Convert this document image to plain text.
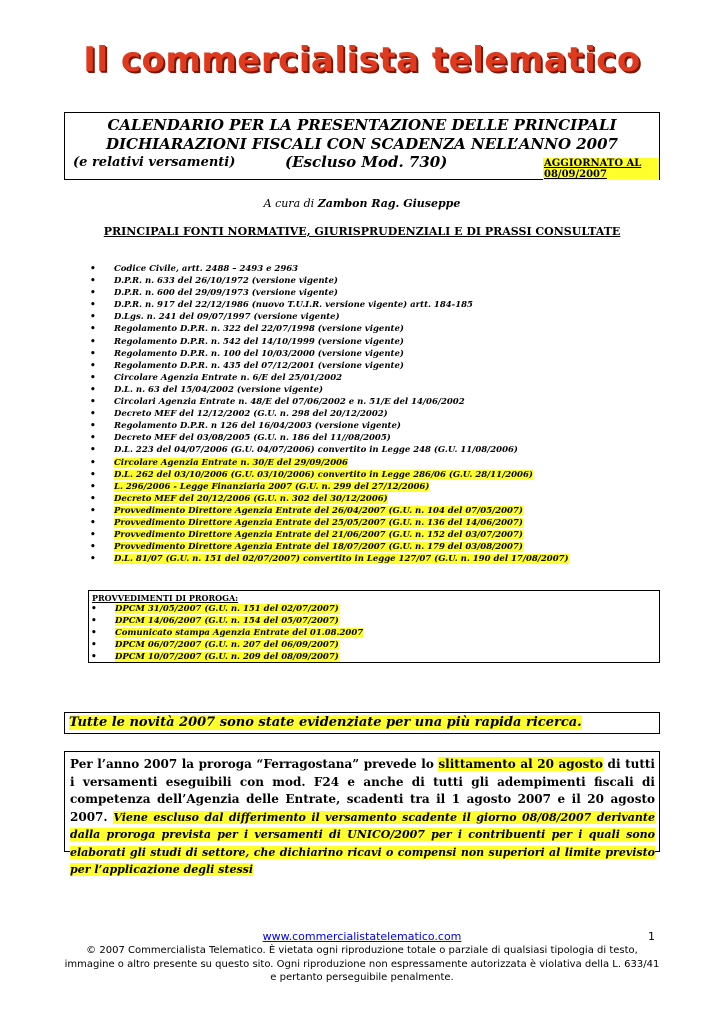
Il commercialista telematico
CALENDARIO PER LA PRESENTAZIONE DELLE PRINCIPALI
DICHIARAZIONI FISCALI CON SCADENZA NELL’ANNO 2007
(e relativi versamenti)	(Escluso Mod. 730)	AGGIORNATO AL 08/09/2007
A cura di Zambon Rag. Giuseppe
PRINCIPALI FONTI NORMATIVE, GIURISPRUDENZIALI E DI PRASSI CONSULTATE
• Codice Civile, artt. 2488 – 2493 e 2963
• D.P.R. n. 633 del 26/10/1972 (versione vigente)
• D.P.R. n. 600 del 29/09/1973 (versione vigente)
• D.P.R. n. 917 del 22/12/1986 (nuovo T.U.I.R. versione vigente) artt. 184-185
• D.Lgs. n. 241 del 09/07/1997 (versione vigente)
• Regolamento D.P.R. n. 322 del 22/07/1998 (versione vigente)
• Regolamento D.P.R. n. 542 del 14/10/1999 (versione vigente)
• Regolamento D.P.R. n. 100 del 10/03/2000 (versione vigente)
• Regolamento D.P.R. n. 435 del 07/12/2001 (versione vigente)
• Circolare Agenzia Entrate n. 6/E del 25/01/2002
• D.L. n. 63 del 15/04/2002 (versione vigente)
• Circolari Agenzia Entrate n. 48/E del 07/06/2002 e n. 51/E del 14/06/2002
• Decreto MEF del 12/12/2002 (G.U. n. 298 del 20/12/2002)
• Regolamento D.P.R. n 126 del 16/04/2003 (versione vigente)
• Decreto MEF del 03/08/2005 (G.U. n. 186 del 11//08/2005)
• D.L. 223 del 04/07/2006 (G.U. 04/07/2006) convertito in Legge 248 (G.U. 11/08/2006)
• Circolare Agenzia Entrate n. 30/E del 29/09/2006
• D.L. 262 del 03/10/2006 (G.U. 03/10/2006) convertito in Legge 286/06 (G.U. 28/11/2006)
• L. 296/2006 - Legge Finanziaria 2007 (G.U. n. 299 del 27/12/2006)
• Decreto MEF del 20/12/2006 (G.U. n. 302 del 30/12/2006)
• Provvedimento Direttore Agenzia Entrate del 26/04/2007 (G.U. n. 104 del 07/05/2007)
• Provvedimento Direttore Agenzia Entrate del 25/05/2007 (G.U. n. 136 del 14/06/2007)
• Provvedimento Direttore Agenzia Entrate del 21/06/2007 (G.U. n. 152 del 03/07/2007)
• Provvedimento Direttore Agenzia Entrate del 18/07/2007 (G.U. n. 179 del 03/08/2007)
• D.L. 81/07 (G.U. n. 151 del 02/07/2007) convertito in Legge 127/07 (G.U. n. 190 del 17/08/2007)
PROVVEDIMENTI DI PROROGA:
• DPCM 31/05/2007 (G.U. n. 151 del 02/07/2007)
• DPCM 14/06/2007 (G.U. n. 154 del 05/07/2007)
• Comunicato stampa Agenzia Entrate del 01.08.2007
• DPCM 06/07/2007 (G.U. n. 207 del 06/09/2007)
• DPCM 10/07/2007 (G.U. n. 209 del 08/09/2007)
Tutte le novità 2007 sono state evidenziate per una più rapida ricerca.
Per l’anno 2007 la proroga “Ferragostana” prevede lo slittamento al 20 agosto di tutti i versamenti eseguibili con mod. F24 e anche di tutti gli adempimenti fiscali di competenza dell’Agenzia delle Entrate, scadenti tra il 1 agosto 2007 e il 20 agosto 2007. Viene escluso dal differimento il versamento scadente il giorno 08/08/2007 derivante dalla proroga prevista per i versamenti di UNICO/2007 per i contribuenti per i quali sono elaborati gli studi di settore, che dichiarino ricavi o compensi non superiori al limite previsto per l’applicazione degli stessi
www.commercialistatelematico.com	1
© 2007 Commercialista Telematico. È vietata ogni riproduzione totale o parziale di qualsiasi tipologia di testo, immagine o altro presente su questo sito. Ogni riproduzione non espressamente autorizzata è violativa della L. 633/41 e pertanto perseguibile penalmente.
